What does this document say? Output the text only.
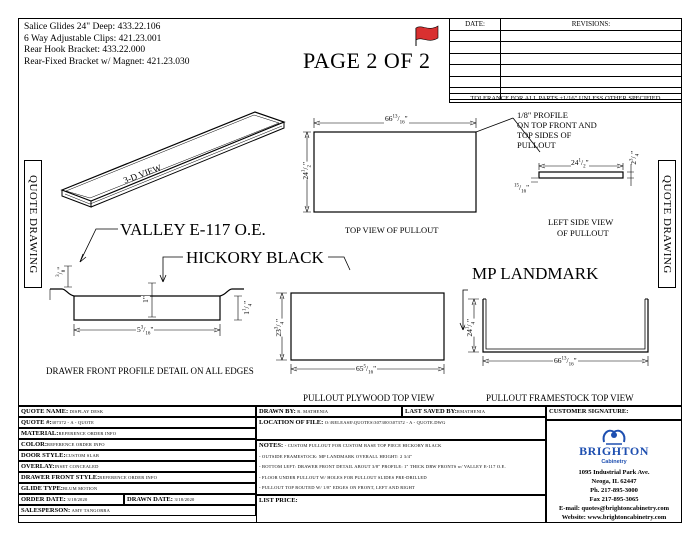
Salice Glides 24" Deep: 433.22.106
6 Way Adjustable Clips: 421.23.001
Rear Hook Bracket: 433.22.000
Rear-Fixed Bracket w/ Magnet: 421.23.030	PAGE 2 OF 2
DATE:	REVISIONS:

TOLERANCE FOR ALL PARTS ±1/16" UNLESS OTHER SPECIFIED
QUOTE DRAWING	QUOTE DRAWING
3-D VIEW
VALLEY E-117 O.E.
HICKORY BLACK
MP LANDMARK
TOP VIEW OF PULLOUT
LEFT SIDE VIEW
OF PULLOUT
1/8" PROFILE
ON TOP FRONT AND
TOP SIDES OF
PULLOUT
DRAWER FRONT PROFILE DETAIL ON ALL EDGES
PULLOUT PLYWOOD TOP VIEW	PULLOUT FRAMESTOCK TOP VIEW
$66^{13}/_{16}$"
$24^1/_2$"	$24^1/_2$"	$2^3/_4$"
$^{15}/_{16}$"
$^3/_8$"
1"
$1^1/_4$"
$5^3/_{16}$"	$23^3/_4$"
$65^5/_{16}$"
$24^1/_4$"
$66^{13}/_{16}$"
QUOTE NAME: DISPLAY DESK
QUOTE #:307372 - A - QUOTE
MATERIAL:REFERENCE ORDER INFO
COLOR:REFERENCE ORDER INFO
DOOR STYLE:CUSTOM SLAB
OVERLAY:INSET CONCEALED
DRAWER FRONT STYLE:REFERENCE ORDER INFO
GLIDE TYPE:BLUM MOTION
ORDER DATE: 3/18/2020	DRAWN DATE: 3/18/2020
SALESPERSON: AMY TANGORRA
DRAWN BY: R. MATHENIA	LAST SAVED BY:RMATHENIA
LOCATION OF FILE: O:\RELEASE\QUOTES\307300\307372 - A - QUOTE.DWG
NOTES: - CUSTOM PULLOUT FOR CUSTOM BASE TOP PIECE HICKORY BLACK
- OUTSIDE FRAMESTOCK: MP LANDMARK OVERALL HEIGHT: 2 3/4"
- BOTTOM LEFT: DRAWER FRONT DETAIL ABOUT 3/8" PROFILE: 1" THICK DRW FRONTS w/ VALLEY E-117 O.E.
- FLOOR UNDER PULLOUT W/ HOLES FOR PULLOUT SLIDES PRE-DRILLED
- PULLOUT TOP ROUTED W/ 1/8" EDGES ON FRONT, LEFT AND RIGHT
LIST PRICE:
CUSTOMER SIGNATURE:
BRIGHTON
Cabinetry
1095 Industrial Park Ave.
Neoga, IL 62447
Ph. 217-895-3000
Fax 217-895-3065
E-mail: quotes@brightoncabinetry.com
Website: www.brightoncabinetry.com
